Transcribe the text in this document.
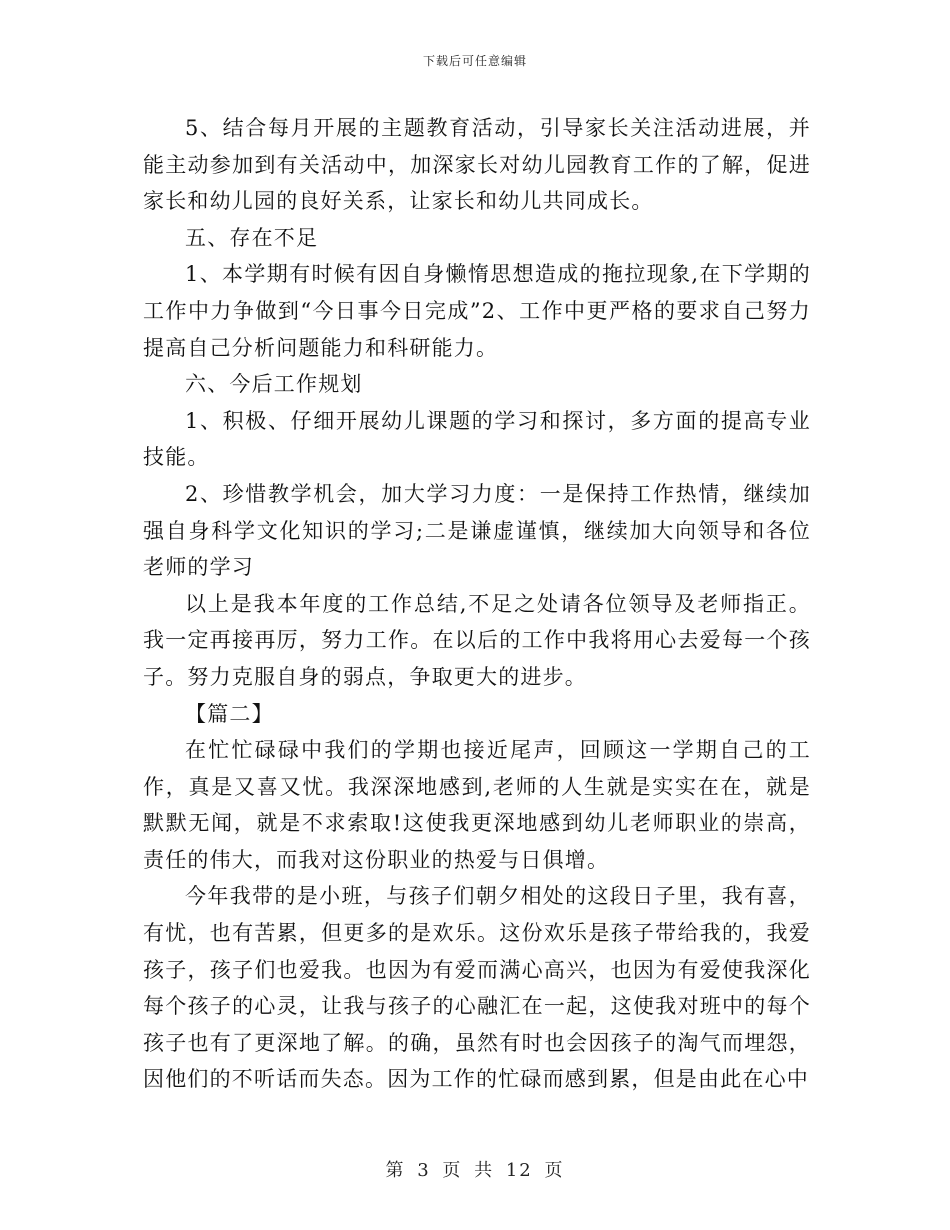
下载后可任意编辑

5、结合每月开展的主题教育活动，引导家长关注活动进展，并能主动参加到有关活动中，加深家长对幼儿园教育工作的了解，促进家长和幼儿园的良好关系，让家长和幼儿共同成长。

五、存在不足

1、本学期有时候有因自身懒惰思想造成的拖拉现象,在下学期的工作中力争做到“今日事今日完成”2、工作中更严格的要求自己努力提高自己分析问题能力和科研能力。

六、今后工作规划

1、积极、仔细开展幼儿课题的学习和探讨，多方面的提高专业技能。

2、珍惜教学机会，加大学习力度：一是保持工作热情，继续加强自身科学文化知识的学习;二是谦虚谨慎，继续加大向领导和各位老师的学习

以上是我本年度的工作总结,不足之处请各位领导及老师指正。我一定再接再厉，努力工作。在以后的工作中我将用心去爱每一个孩子。努力克服自身的弱点，争取更大的进步。

【篇二】

在忙忙碌碌中我们的学期也接近尾声，回顾这一学期自己的工作，真是又喜又忧。我深深地感到,老师的人生就是实实在在，就是默默无闻，就是不求索取!这使我更深地感到幼儿老师职业的崇高，责任的伟大，而我对这份职业的热爱与日俱增。

今年我带的是小班，与孩子们朝夕相处的这段日子里，我有喜，有忧，也有苦累，但更多的是欢乐。这份欢乐是孩子带给我的，我爱孩子，孩子们也爱我。也因为有爱而满心高兴，也因为有爱使我深化每个孩子的心灵，让我与孩子的心融汇在一起，这使我对班中的每个孩子也有了更深地了解。的确，虽然有时也会因孩子的淘气而埋怨，因他们的不听话而失态。因为工作的忙碌而感到累，但是由此在心中

第 3 页 共 12 页
